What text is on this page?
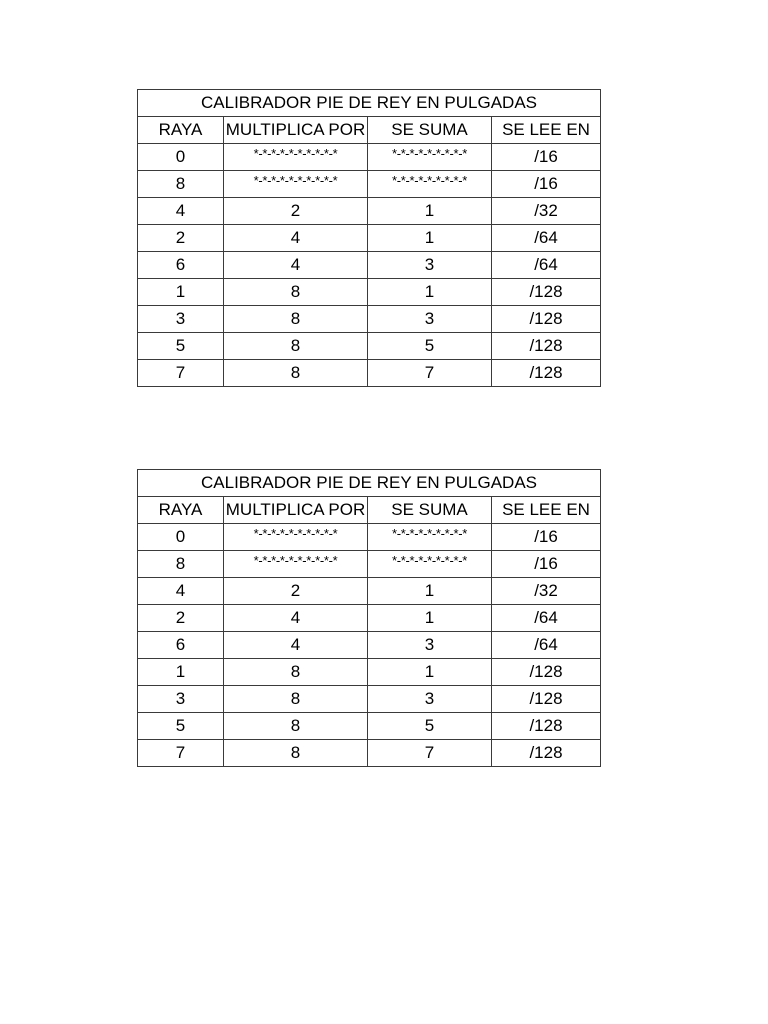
CALIBRADOR PIE DE REY EN PULGADAS			
RAYA	MULTIPLICA POR	SE SUMA	SE LEE EN
0	*-*-*-*-*-*-*-*-*-*	*-*-*-*-*-*-*-*-*	/16
8	*-*-*-*-*-*-*-*-*-*	*-*-*-*-*-*-*-*-*	/16
4	2	1	/32
2	4	1	/64
6	4	3	/64
1	8	1	/128
3	8	3	/128
5	8	5	/128
7	8	7	/128
CALIBRADOR PIE DE REY EN PULGADAS			
RAYA	MULTIPLICA POR	SE SUMA	SE LEE EN
0	*-*-*-*-*-*-*-*-*-*	*-*-*-*-*-*-*-*-*	/16
8	*-*-*-*-*-*-*-*-*-*	*-*-*-*-*-*-*-*-*	/16
4	2	1	/32
2	4	1	/64
6	4	3	/64
1	8	1	/128
3	8	3	/128
5	8	5	/128
7	8	7	/128
